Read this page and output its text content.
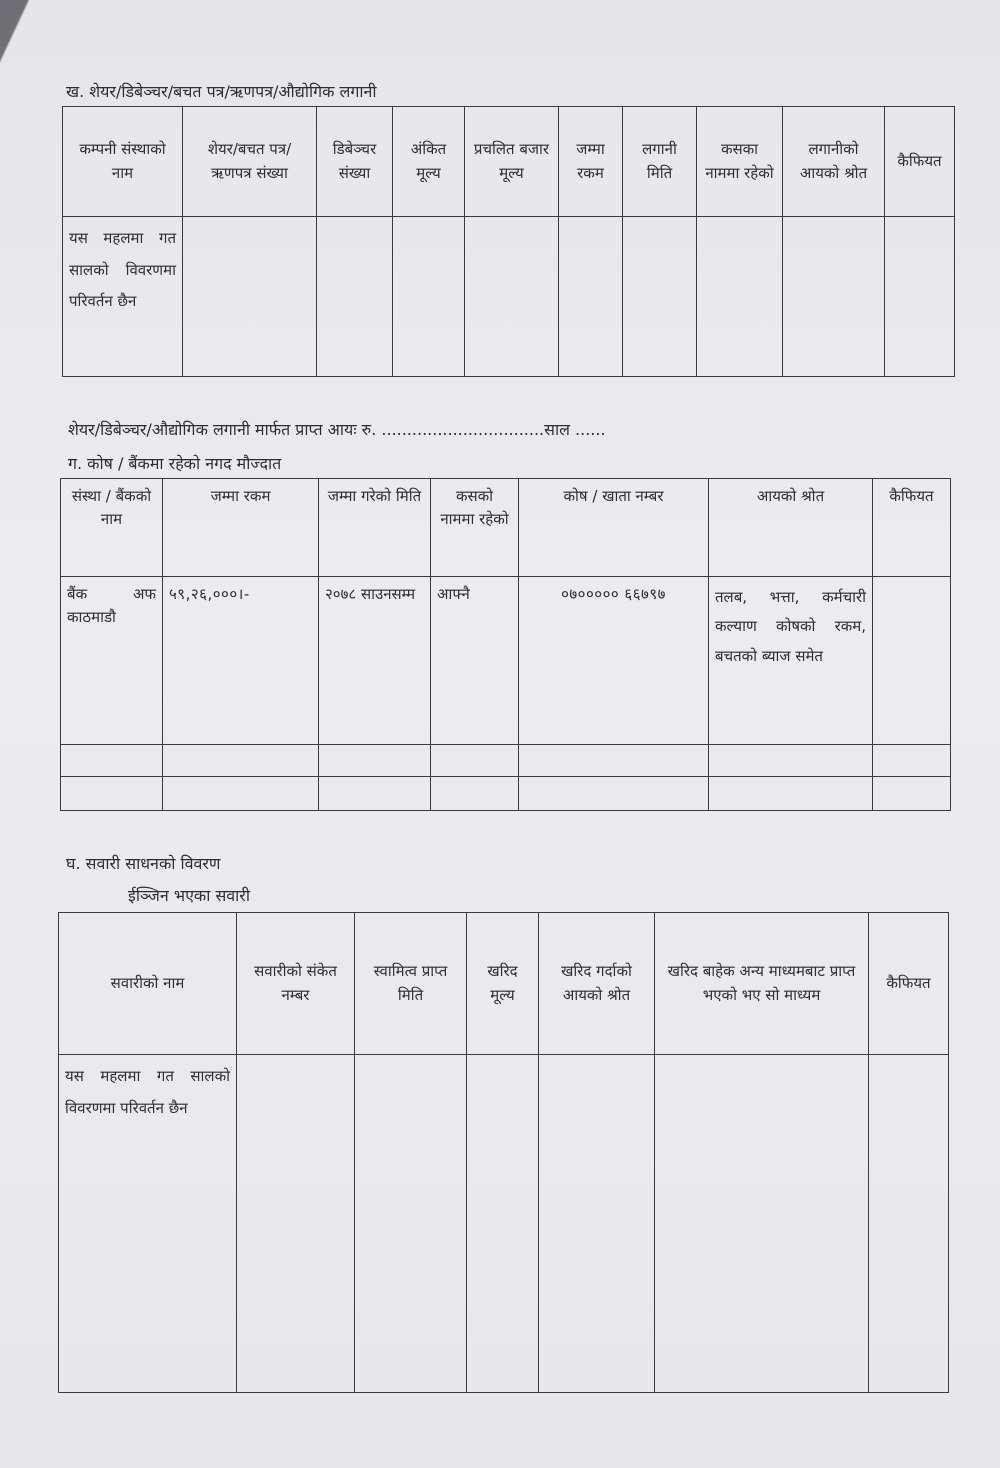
ख. शेयर/डिबेञ्चर/बचत पत्र/ऋणपत्र/औद्योगिक लगानी
कम्पनी संस्थाको नाम	शेयर/बचत पत्र/ऋणपत्र संख्या	डिबेञ्चर संख्या	अंकित मूल्य	प्रचलित बजार मूल्य	जम्मा रकम	लगानी मिति	कसका नाममा रहेको	लगानीको आयको श्रोत	कैफियत
यस महलमा गत सालको विवरणमा परिवर्तन छैन									
शेयर/डिबेञ्चर/औद्योगिक लगानी मार्फत प्राप्त आयः रु. ................................साल ......
ग. कोष / बैंकमा रहेको नगद मौज्दात
संस्था / बैंकको नाम	जम्मा रकम	जम्मा गरेको मिति	कसको नाममा रहेको	कोष / खाता नम्बर	आयको श्रोत	कैफियत
बैंक अफ काठमाडौ	५९,२६,०००।-	२०७८ साउनसम्म	आफ्नै	०७००००० ६६७९७	तलब, भत्ता, कर्मचारी कल्याण कोषको रकम, बचतको ब्याज समेत	

घ. सवारी साधनको विवरण
ईञ्जिन भएका सवारी
सवारीको नाम	सवारीको संकेत नम्बर	स्वामित्व प्राप्त मिति	खरिद मूल्य	खरिद गर्दाको आयको श्रोत	खरिद बाहेक अन्य माध्यमबाट प्राप्त भएको भए सो माध्यम	कैफियत
यस महलमा गत सालको विवरणमा परिवर्तन छैन						
